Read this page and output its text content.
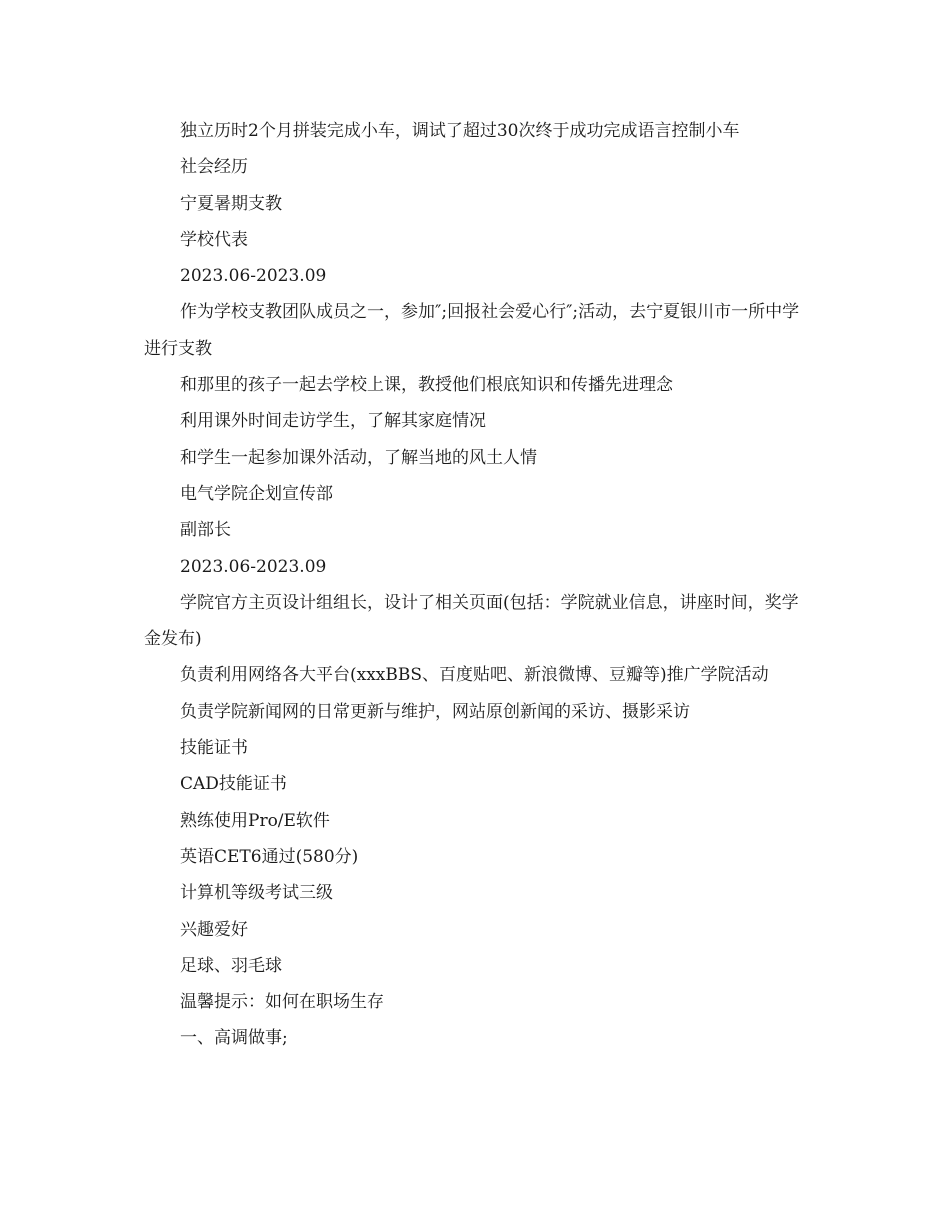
独立历时2个月拼装完成小车，调试了超过30次终于成功完成语言控制小车

社会经历

宁夏暑期支教

学校代表

2023.06-2023.09

作为学校支教团队成员之一，参加″;回报社会爱心行″;活动，去宁夏银川市一所中学进行支教

和那里的孩子一起去学校上课，教授他们根底知识和传播先进理念

利用课外时间走访学生，了解其家庭情况

和学生一起参加课外活动，了解当地的风土人情

电气学院企划宣传部

副部长

2023.06-2023.09

学院官方主页设计组组长，设计了相关页面(包括：学院就业信息，讲座时间，奖学金发布)

负责利用网络各大平台(xxxBBS、百度贴吧、新浪微博、豆瓣等)推广学院活动

负责学院新闻网的日常更新与维护，网站原创新闻的采访、摄影采访

技能证书

CAD技能证书

熟练使用Pro/E软件

英语CET6通过(580分)

计算机等级考试三级

兴趣爱好

足球、羽毛球

温馨提示：如何在职场生存

一、高调做事;
